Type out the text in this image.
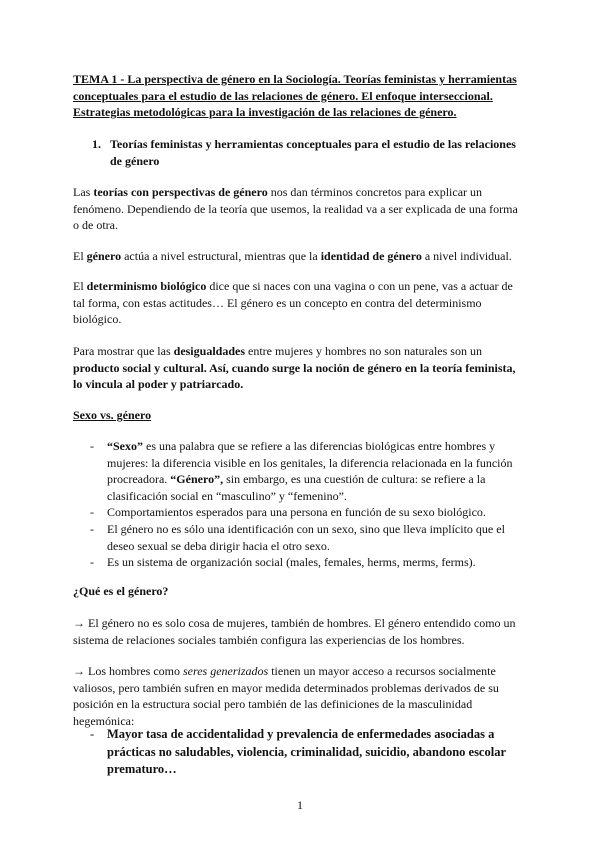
TEMA 1 - La perspectiva de género en la Sociología. Teorías feministas y herramientas conceptuales para el estudio de las relaciones de género. El enfoque interseccional. Estrategias metodológicas para la investigación de las relaciones de género.
1. Teorías feministas y herramientas conceptuales para el estudio de las relaciones de género

Las teorías con perspectivas de género nos dan términos concretos para explicar un fenómeno. Dependiendo de la teoría que usemos, la realidad va a ser explicada de una forma o de otra.

El género actúa a nivel estructural, mientras que la identidad de género a nivel individual.

El determinismo biológico dice que si naces con una vagina o con un pene, vas a actuar de tal forma, con estas actitudes… El género es un concepto en contra del determinismo biológico.

Para mostrar que las desigualdades entre mujeres y hombres no son naturales son un producto social y cultural. Así, cuando surge la noción de género en la teoría feminista, lo vincula al poder y patriarcado.

Sexo vs. género

- “Sexo” es una palabra que se refiere a las diferencias biológicas entre hombres y mujeres: la diferencia visible en los genitales, la diferencia relacionada en la función procreadora. “Género”, sin embargo, es una cuestión de cultura: se refiere a la clasificación social en “masculino” y “femenino”.

- Comportamientos esperados para una persona en función de su sexo biológico.

- El género no es sólo una identificación con un sexo, sino que lleva implícito que el deseo sexual se deba dirigir hacia el otro sexo.

- Es un sistema de organización social (males, females, herms, merms, ferms).

¿Qué es el género?

→ El género no es solo cosa de mujeres, también de hombres. El género entendido como un sistema de relaciones sociales también configura las experiencias de los hombres.

→ Los hombres como seres generizados tienen un mayor acceso a recursos socialmente valiosos, pero también sufren en mayor medida determinados problemas derivados de su posición en la estructura social pero también de las definiciones de la masculinidad hegemónica:

- Mayor tasa de accidentalidad y prevalencia de enfermedades asociadas a prácticas no saludables, violencia, criminalidad, suicidio, abandono escolar prematuro…

1
